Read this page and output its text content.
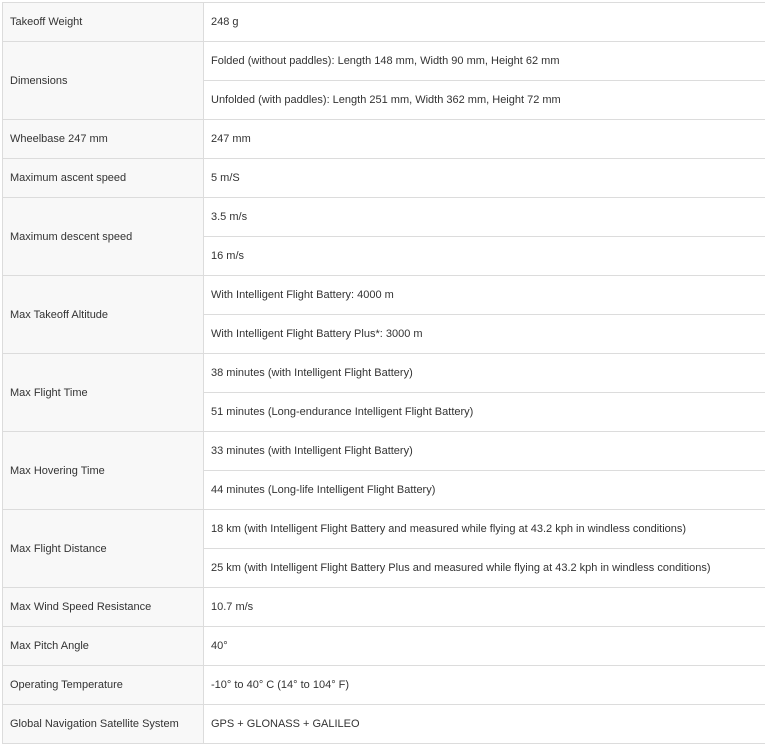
Takeoff Weight	248 g
Dimensions	Folded (without paddles): Length 148 mm, Width 90 mm, Height 62 mm
	Unfolded (with paddles): Length 251 mm, Width 362 mm, Height 72 mm
Wheelbase 247 mm	247 mm
Maximum ascent speed	5 m/S
Maximum descent speed	3.5 m/s
	16 m/s
Max Takeoff Altitude	With Intelligent Flight Battery: 4000 m
	With Intelligent Flight Battery Plus*: 3000 m
Max Flight Time	38 minutes (with Intelligent Flight Battery)
	51 minutes (Long-endurance Intelligent Flight Battery)
Max Hovering Time	33 minutes (with Intelligent Flight Battery)
	44 minutes (Long-life Intelligent Flight Battery)
Max Flight Distance	18 km (with Intelligent Flight Battery and measured while flying at 43.2 kph in windless conditions)
	25 km (with Intelligent Flight Battery Plus and measured while flying at 43.2 kph in windless conditions)
Max Wind Speed Resistance	10.7 m/s
Max Pitch Angle	40°
Operating Temperature	-10° to 40° C (14° to 104° F)
Global Navigation Satellite System	GPS + GLONASS + GALILEO
